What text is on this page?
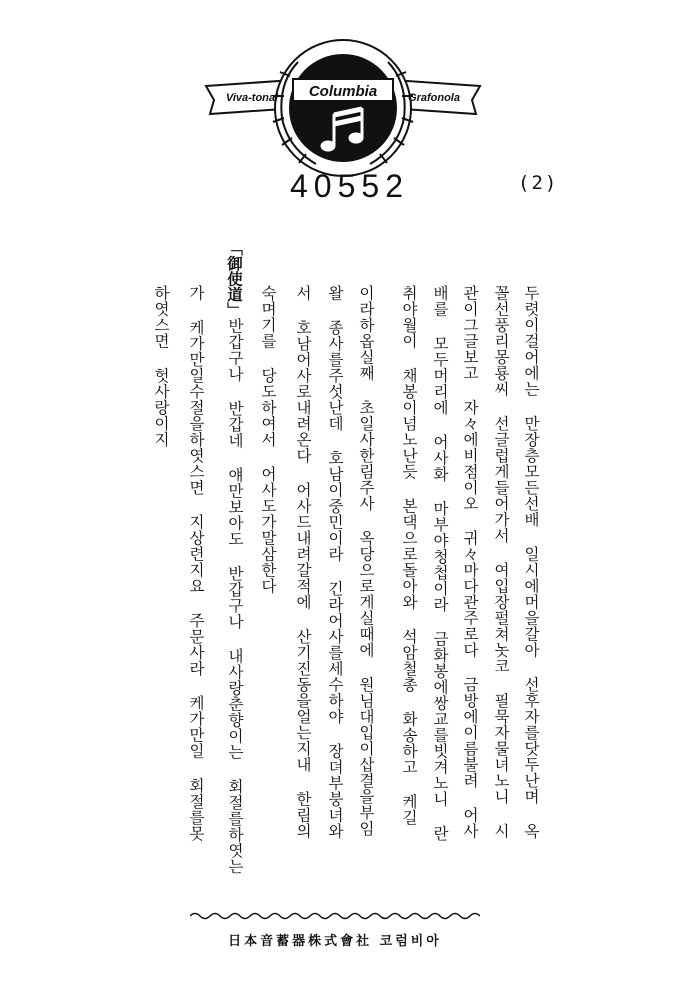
Columbia
Viva-tonal	Grafonola
40552	(2)
두렷이걸어에는 만장층모든선배 일시에머을갈아 선후자를닷두난며 옥
꼴선풍리몽룡씨 선글럽게들어가서 여입장펄쳐놋코 필묵자물녀노니 시
관이그글보고 자々에비점이오 귀々마다관주로다 금방에이름불려 어사
배를 모두머리에 어사화 마부야청첩이라 금화봉에쌍교를빗겨노니 란
취야월이 채봉이넘노난듯 본댁으로돌아와 석암철총 화송하고 케길
이라하옵실째 초일사한림주사 옥당으로게실때에 원님대입이삽결을부임
왈 종사를주섯난데 호남이중민이라 긴라어사를세수하야 장뎌부붕녀와
서 호남어사로내려온다 어사드내려갈적에 산기진동을얼는지내 한림의
숙며기를 당도하여서 어사도가말삼한다
「御使道」
반갑구나 반갑네 얘만보아도 반갑구나 내사랑춘향이는 회절를하엿는
가 케가만일수절을하엿스면 지상련지요 주문사라 케가만일 회절를못
하엿스면 헛사랑이지
日本音蓄器株式會社 코럼비아
